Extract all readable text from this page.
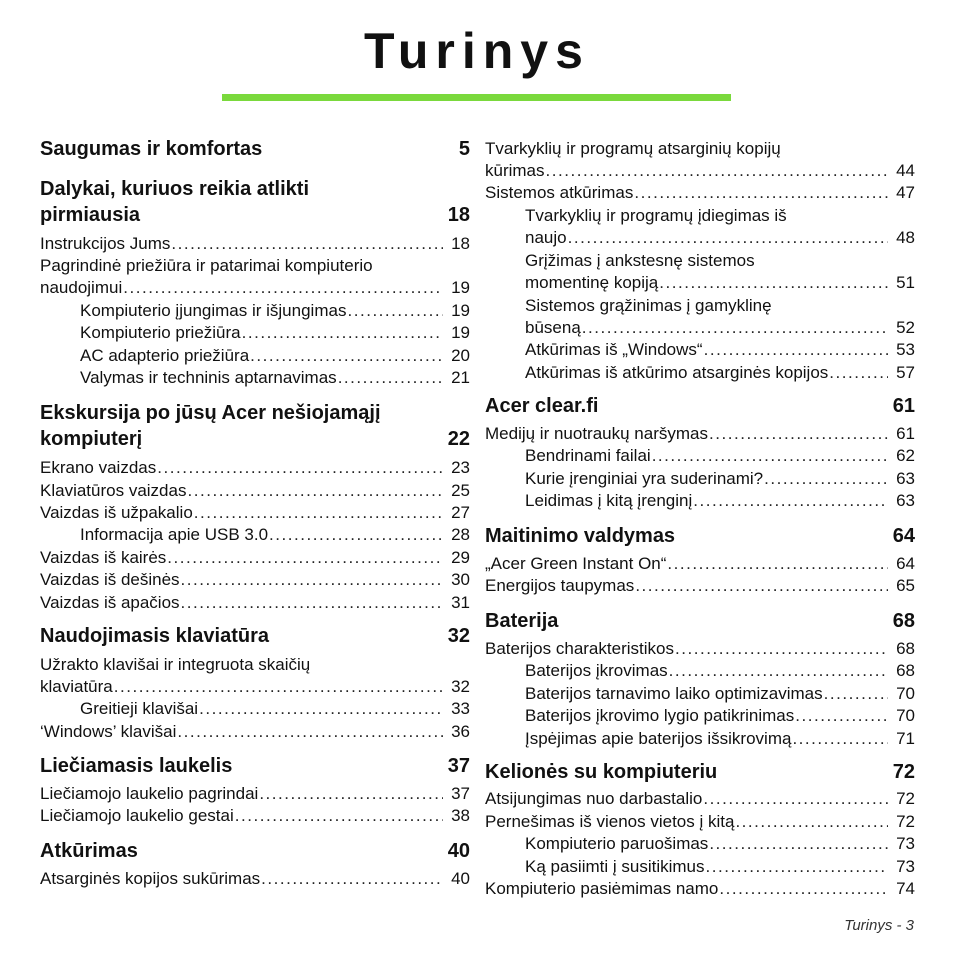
Turinys
Saugumas ir komfortas	5
Dalykai, kuriuos reikia atlikti
pirmiausia	18
Instrukcijos Jums . . .	18
Pagrindinė priežiūra ir patarimai kompiuterio
naudojimui . . .	19
Kompiuterio įjungimas ir išjungimas . . .	19
Kompiuterio priežiūra . . .	19
AC adapterio priežiūra . . .	20
Valymas ir techninis aptarnavimas . . .	21
Ekskursija po jūsų Acer nešiojamąjį
kompiuterį	22
Ekrano vaizdas . . .	23
Klaviatūros vaizdas . . .	25
Vaizdas iš užpakalio . . .	27
Informacija apie USB 3.0 . . .	28
Vaizdas iš kairės . . .	29
Vaizdas iš dešinės . . .	30
Vaizdas iš apačios . . .	31
Naudojimasis klaviatūra	32
Užrakto klavišai ir integruota skaičių
klaviatūra . . .	32
Greitieji klavišai . . .	33
‘Windows’ klavišai . . .	36
Liečiamasis laukelis	37
Liečiamojo laukelio pagrindai . . .	37
Liečiamojo laukelio gestai . . .	38
Atkūrimas	40
Atsarginės kopijos sukūrimas . . .	40
Tvarkyklių ir programų atsarginių kopijų
kūrimas . . .	44
Sistemos atkūrimas . . .	47
Tvarkyklių ir programų įdiegimas iš
naujo . . .	48
Grįžimas į ankstesnę sistemos
momentinę kopiją . . .	51
Sistemos grąžinimas į gamyklinę
būseną . . .	52
Atkūrimas iš „Windows“ . . .	53
Atkūrimas iš atkūrimo atsarginės kopijos . . .	57
Acer clear.fi	61
Medijų ir nuotraukų naršymas . . .	61
Bendrinami failai . . .	62
Kurie įrenginiai yra suderinami? . . .	63
Leidimas į kitą įrenginį . . .	63
Maitinimo valdymas	64
„Acer Green Instant On“ . . .	64
Energijos taupymas . . .	65
Baterija	68
Baterijos charakteristikos . . .	68
Baterijos įkrovimas . . .	68
Baterijos tarnavimo laiko optimizavimas . . .	70
Baterijos įkrovimo lygio patikrinimas . . .	70
Įspėjimas apie baterijos išsikrovimą . . .	71
Kelionės su kompiuteriu	72
Atsijungimas nuo darbastalio . . .	72
Pernešimas iš vienos vietos į kitą . . .	72
Kompiuterio paruošimas . . .	73
Ką pasiimti į susitikimus . . .	73
Kompiuterio pasiėmimas namo . . .	74
Turinys - 3
